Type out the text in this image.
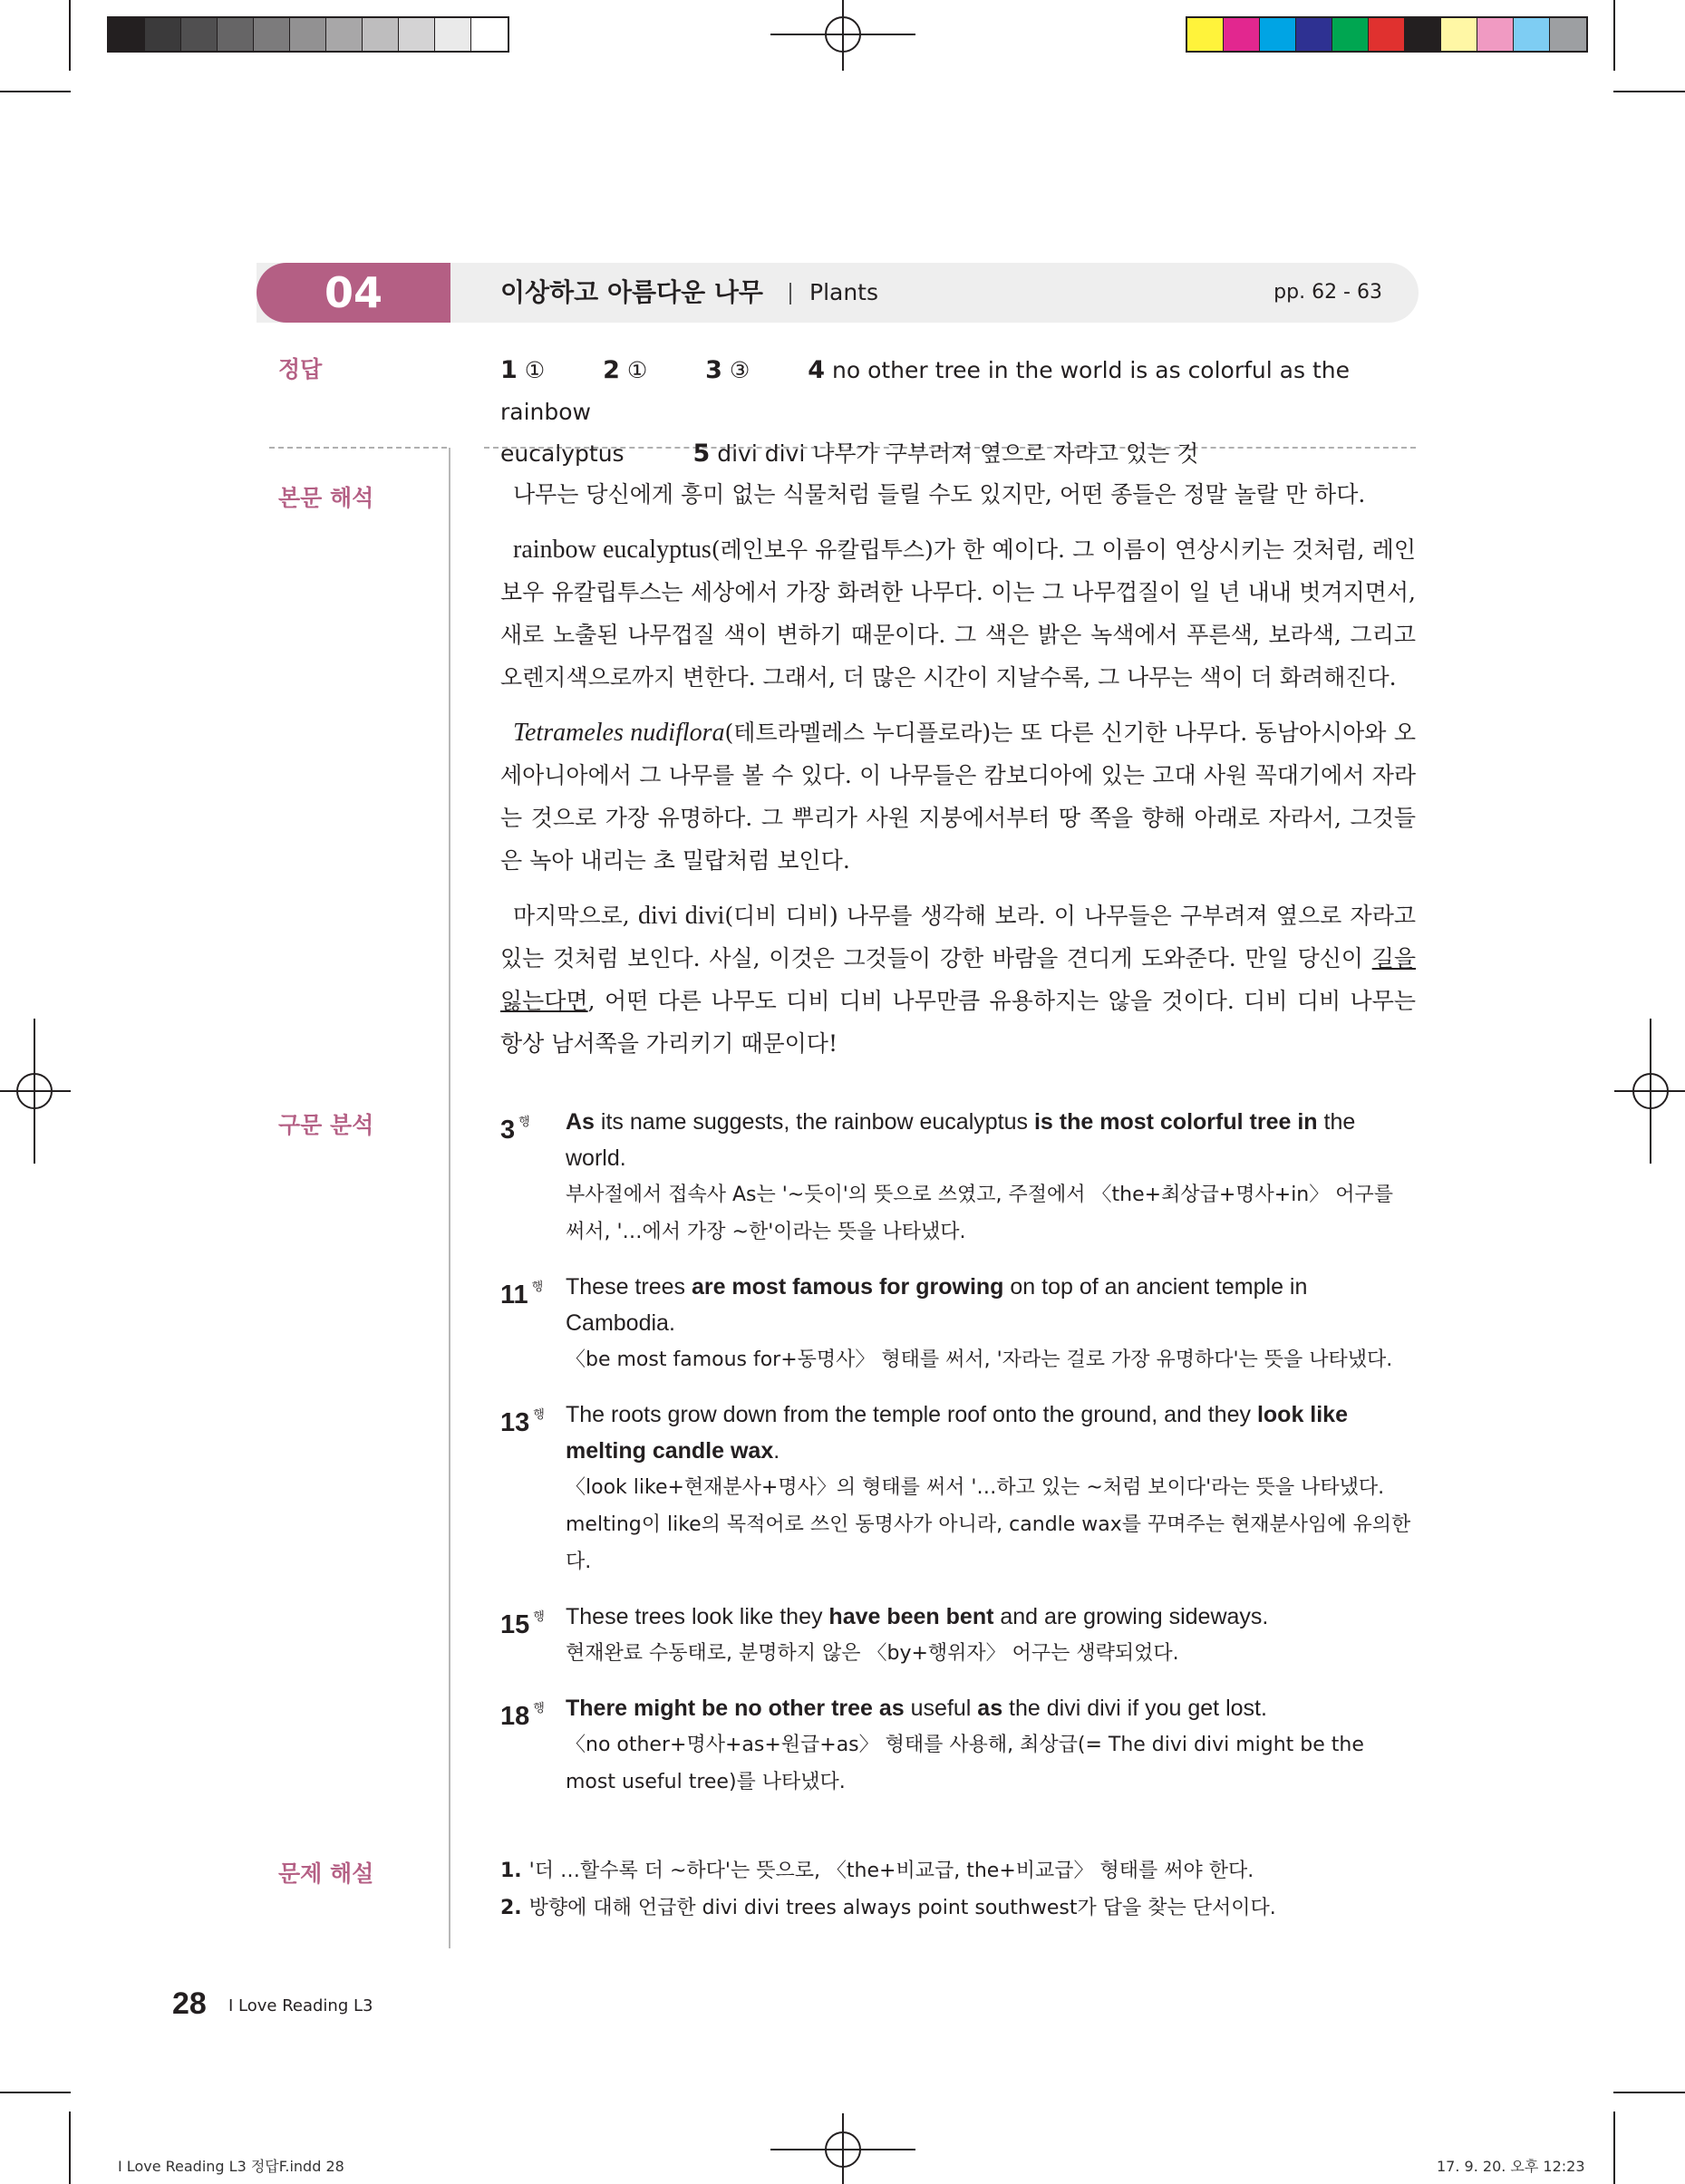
04	이상하고 아름다운 나무 Plants	pp. 62 - 63
정답
본문 해석
구문 분석
문제 해설
1 ① 2 ① 3 ③ 4 no other tree in the world is as colorful as the rainbow
eucalyptus	5 divi divi 나무가 구부러져 옆으로 자라고 있는 것

나무는 당신에게 흥미 없는 식물처럼 들릴 수도 있지만, 어떤 종들은 정말 놀랄 만 하다.

rainbow eucalyptus(레인보우 유칼립투스)가 한 예이다. 그 이름이 연상시키는 것처럼, 레인보우 유칼립투스는 세상에서 가장 화려한 나무다. 이는 그 나무껍질이 일 년 내내 벗겨지면서, 새로 노출된 나무껍질 색이 변하기 때문이다. 그 색은 밝은 녹색에서 푸른색, 보라색, 그리고 오렌지색으로까지 변한다. 그래서, 더 많은 시간이 지날수록, 그 나무는 색이 더 화려해진다.

Tetrameles nudiflora(테트라멜레스 누디플로라)는 또 다른 신기한 나무다. 동남아시아와 오세아니아에서 그 나무를 볼 수 있다. 이 나무들은 캄보디아에 있는 고대 사원 꼭대기에서 자라는 것으로 가장 유명하다. 그 뿌리가 사원 지붕에서부터 땅 쪽을 향해 아래로 자라서, 그것들은 녹아 내리는 초 밀랍처럼 보인다.

마지막으로, divi divi(디비 디비) 나무를 생각해 보라. 이 나무들은 구부려져 옆으로 자라고 있는 것처럼 보인다. 사실, 이것은 그것들이 강한 바람을 견디게 도와준다. 만일 당신이 길을 잃는다면, 어떤 다른 나무도 디비 디비 나무만큼 유용하지는 않을 것이다. 디비 디비 나무는 항상 남서쪽을 가리키기 때문이다!

3 $^행$ As its name suggests, the rainbow eucalyptus is the most colorful tree in the world.
부사절에서 접속사 As는 '~듯이'의 뜻으로 쓰였고, 주절에서 〈the+최상급+명사+in〉 어구를 써서, '…에서 가장 ~한'이라는 뜻을 나타냈다.
11 $^행$ These trees are most famous for growing on top of an ancient temple in Cambodia.
〈be most famous for+동명사〉 형태를 써서, '자라는 걸로 가장 유명하다'는 뜻을 나타냈다.
13 $^행$ The roots grow down from the temple roof onto the ground, and they look like melting candle wax.
〈look like+현재분사+명사〉의 형태를 써서 '…하고 있는 ~처럼 보이다'라는 뜻을 나타냈다. melting이 like의 목적어로 쓰인 동명사가 아니라, candle wax를 꾸며주는 현재분사임에 유의한다.
15 $^행$ These trees look like they have been bent and are growing sideways.
현재완료 수동태로, 분명하지 않은 〈by+행위자〉 어구는 생략되었다.
18 $^행$ There might be no other tree as useful as the divi divi if you get lost.
〈no other+명사+as+원급+as〉 형태를 사용해, 최상급(= The divi divi might be the most useful tree)를 나타냈다.
1. '더 …할수록 더 ~하다'는 뜻으로, 〈the+비교급, the+비교급〉 형태를 써야 한다.
2. 방향에 대해 언급한 divi divi trees always point southwest가 답을 찾는 단서이다.
28 I Love Reading L3
I Love Reading L3 정답F.indd 28	17. 9. 20. 오후 12:23
